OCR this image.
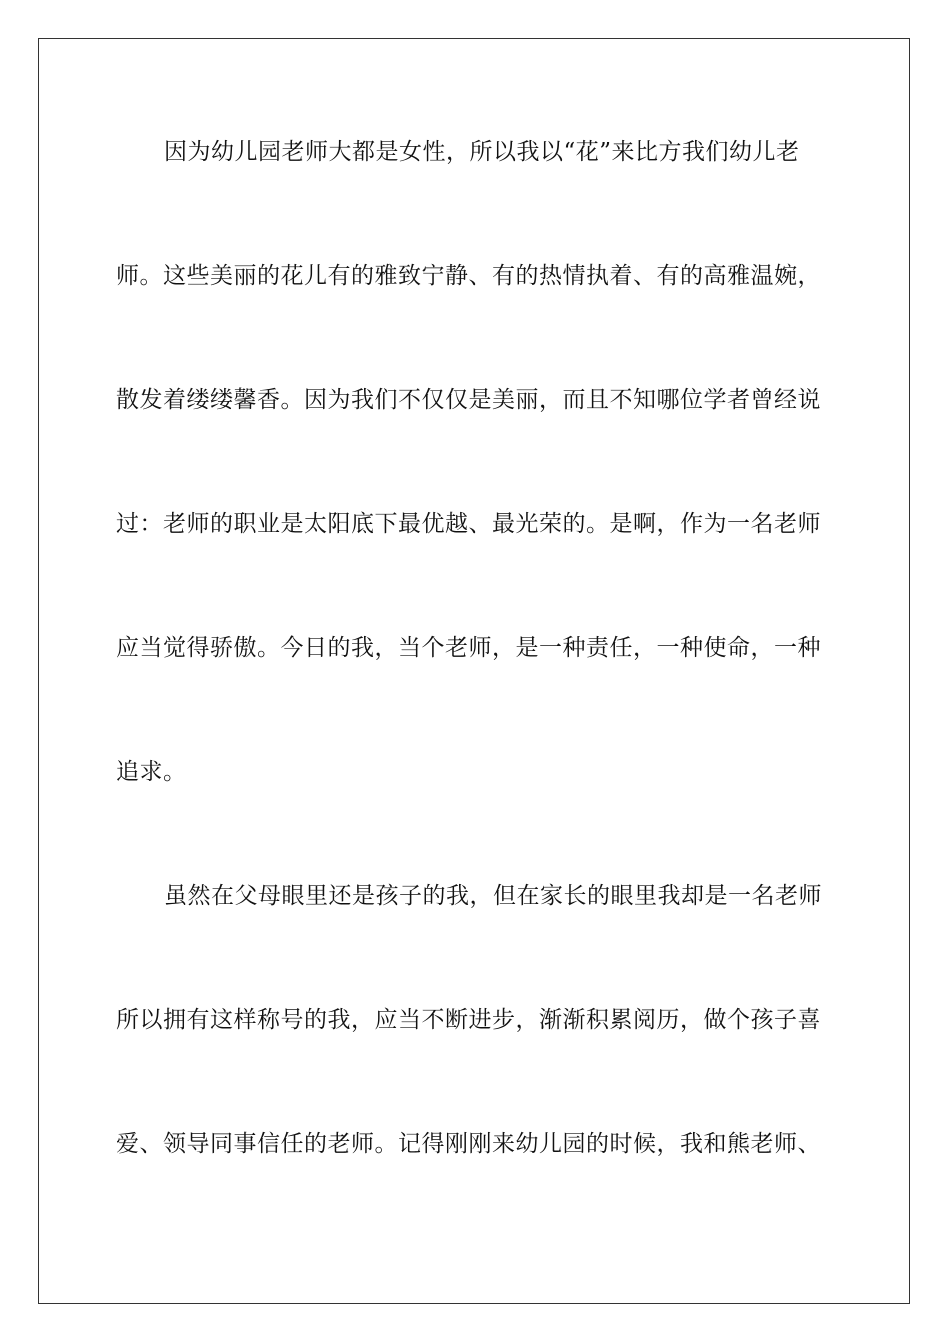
因为幼儿园老师大都是女性，所以我以“花”来比方我们幼儿老
师。这些美丽的花儿有的雅致宁静、有的热情执着、有的高雅温婉，
散发着缕缕馨香。因为我们不仅仅是美丽，而且不知哪位学者曾经说
过：老师的职业是太阳底下最优越、最光荣的。是啊，作为一名老师
应当觉得骄傲。今日的我，当个老师，是一种责任，一种使命，一种
追求。
虽然在父母眼里还是孩子的我，但在家长的眼里我却是一名老师
所以拥有这样称号的我，应当不断进步，渐渐积累阅历，做个孩子喜
爱、领导同事信任的老师。记得刚刚来幼儿园的时候，我和熊老师、
